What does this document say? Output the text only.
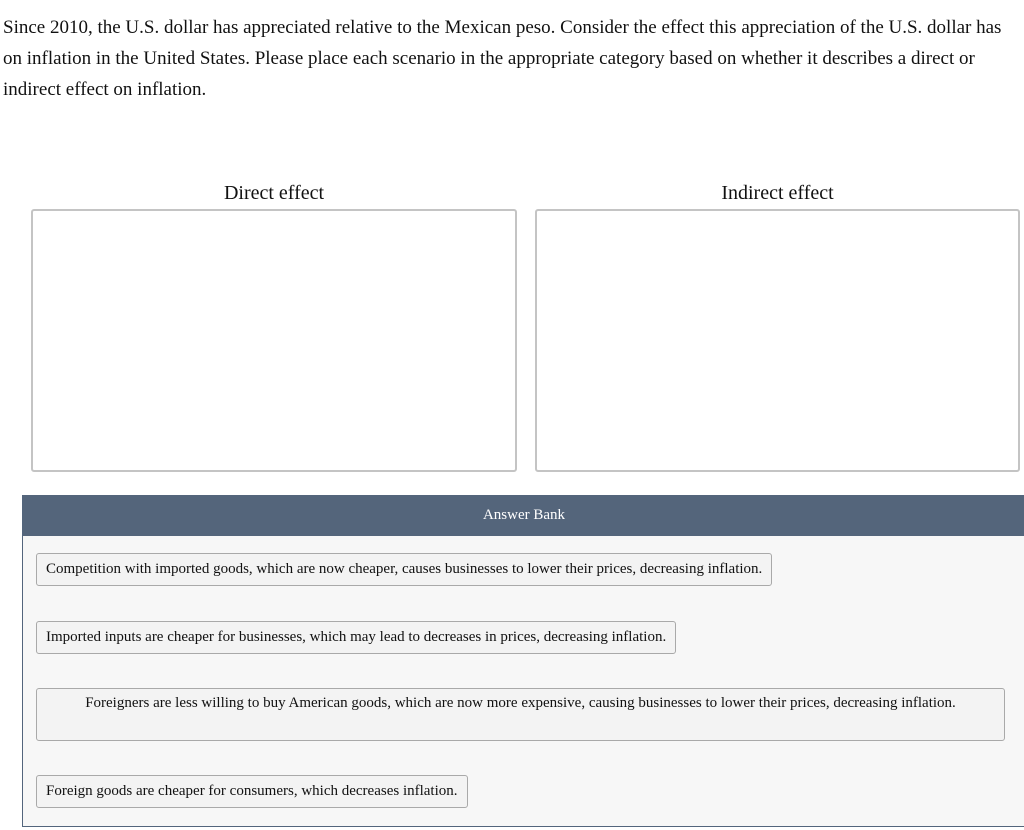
Since 2010, the U.S. dollar has appreciated relative to the Mexican peso. Consider the effect this appreciation of the U.S. dollar has on inflation in the United States. Please place each scenario in the appropriate category based on whether it describes a direct or indirect effect on inflation.

Direct effect	Indirect effect
Answer Bank
Competition with imported goods, which are now cheaper, causes businesses to lower their prices, decreasing inflation.
Imported inputs are cheaper for businesses, which may lead to decreases in prices, decreasing inflation.
Foreigners are less willing to buy American goods, which are now more expensive, causing businesses to lower their prices, decreasing inflation.
Foreign goods are cheaper for consumers, which decreases inflation.
